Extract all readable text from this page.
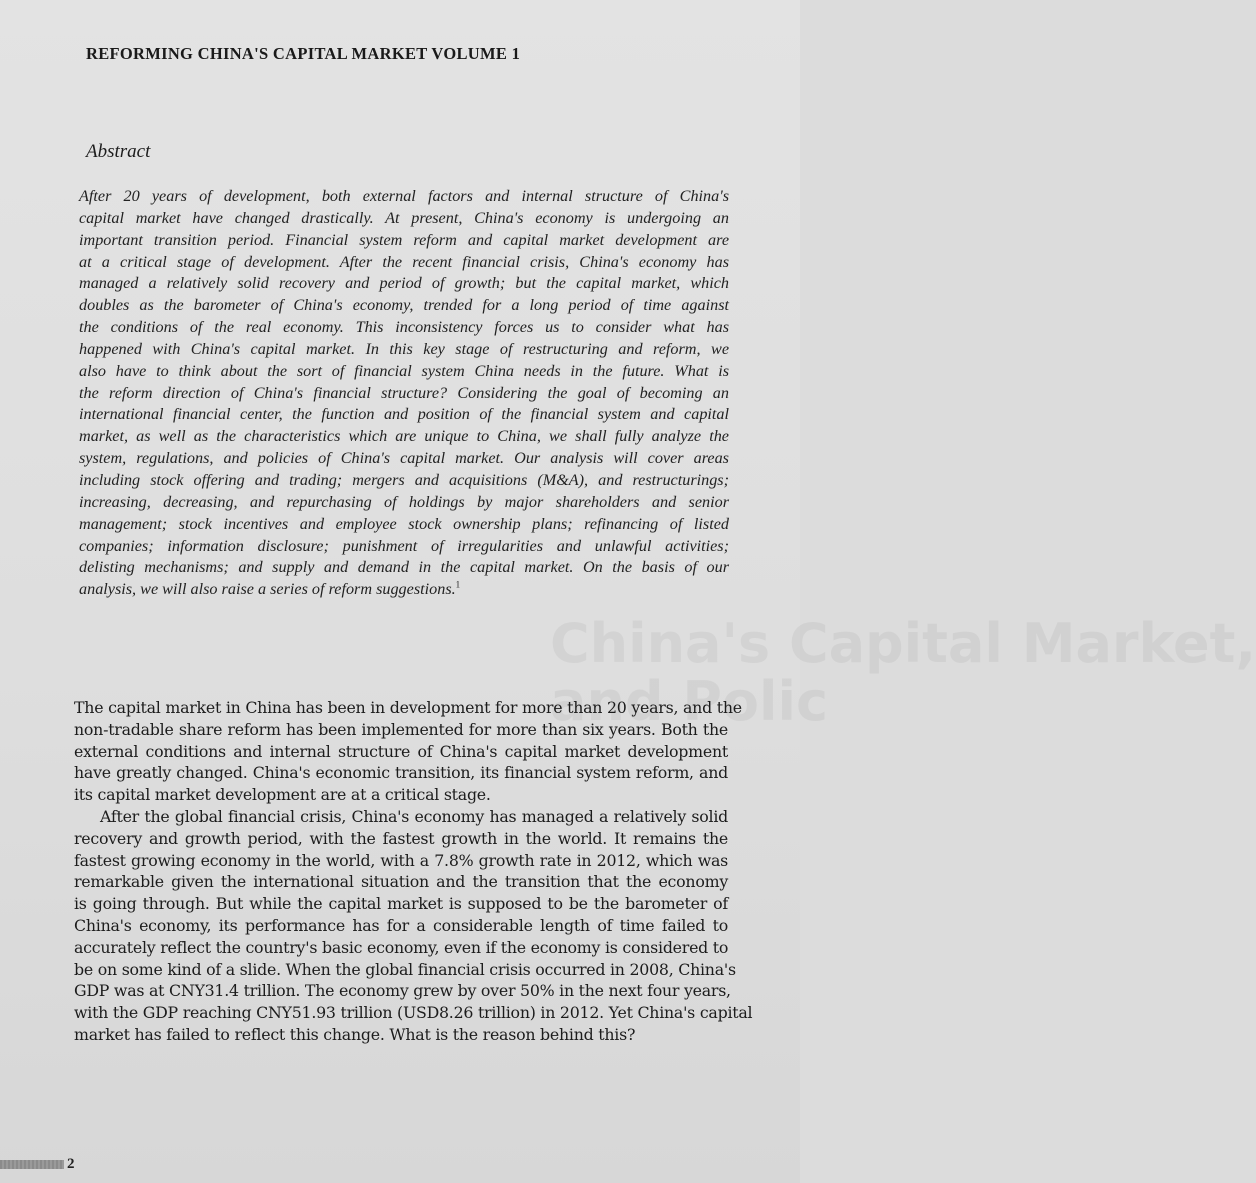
China's Capital Market,
and Polic
REFORMING CHINA'S CAPITAL MARKET VOLUME 1
Abstract
After 20 years of development, both external factors and internal structure of China's
capital market have changed drastically. At present, China's economy is undergoing an
important transition period. Financial system reform and capital market development are
at a critical stage of development. After the recent financial crisis, China's economy has
managed a relatively solid recovery and period of growth; but the capital market, which
doubles as the barometer of China's economy, trended for a long period of time against
the conditions of the real economy. This inconsistency forces us to consider what has
happened with China's capital market. In this key stage of restructuring and reform, we
also have to think about the sort of financial system China needs in the future. What is
the reform direction of China's financial structure? Considering the goal of becoming an
international financial center, the function and position of the financial system and capital
market, as well as the characteristics which are unique to China, we shall fully analyze the
system, regulations, and policies of China's capital market. Our analysis will cover areas
including stock offering and trading; mergers and acquisitions (M&A), and restructurings;
increasing, decreasing, and repurchasing of holdings by major shareholders and senior
management; stock incentives and employee stock ownership plans; refinancing of listed
companies; information disclosure; punishment of irregularities and unlawful activities;
delisting mechanisms; and supply and demand in the capital market. On the basis of our
analysis, we will also raise a series of reform suggestions.$^1$
The capital market in China has been in development for more than 20 years, and the
non-tradable share reform has been implemented for more than six years. Both the
external conditions and internal structure of China's capital market development
have greatly changed. China's economic transition, its financial system reform, and
its capital market development are at a critical stage.
After the global financial crisis, China's economy has managed a relatively solid
recovery and growth period, with the fastest growth in the world. It remains the
fastest growing economy in the world, with a 7.8% growth rate in 2012, which was
remarkable given the international situation and the transition that the economy
is going through. But while the capital market is supposed to be the barometer of
China's economy, its performance has for a considerable length of time failed to
accurately reflect the country's basic economy, even if the economy is considered to
be on some kind of a slide. When the global financial crisis occurred in 2008, China's
GDP was at CNY31.4 trillion. The economy grew by over 50% in the next four years,
with the GDP reaching CNY51.93 trillion (USD8.26 trillion) in 2012. Yet China's capital
market has failed to reflect this change. What is the reason behind this?
2
